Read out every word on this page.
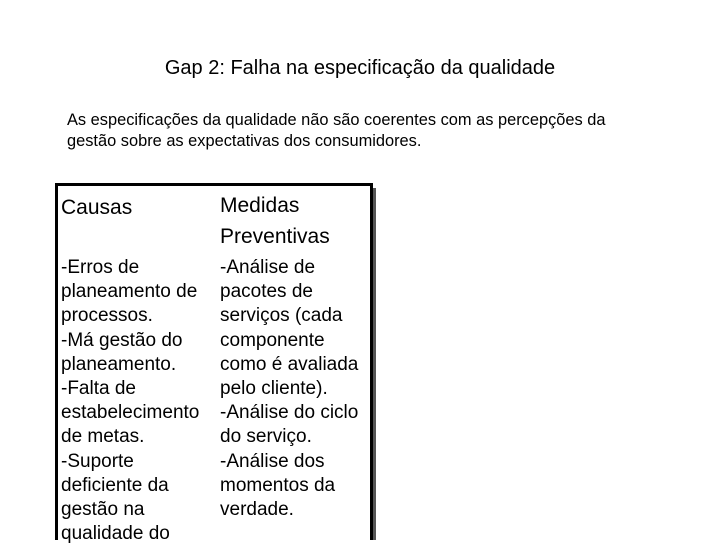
Gap 2: Falha na especificação da qualidade
As especificações da qualidade não são coerentes com as percepções da
gestão sobre as expectativas dos consumidores.
Causas	Medidas
Preventivas
-Erros de
planeamento de
processos.
-Má gestão do
planeamento.
-Falta de
estabelecimento
de metas.
-Suporte
deficiente da
gestão na
qualidade do
-Análise de
pacotes de
serviços (cada
componente
como é avaliada
pelo cliente).
-Análise do ciclo
do serviço.
-Análise dos
momentos da
verdade.
